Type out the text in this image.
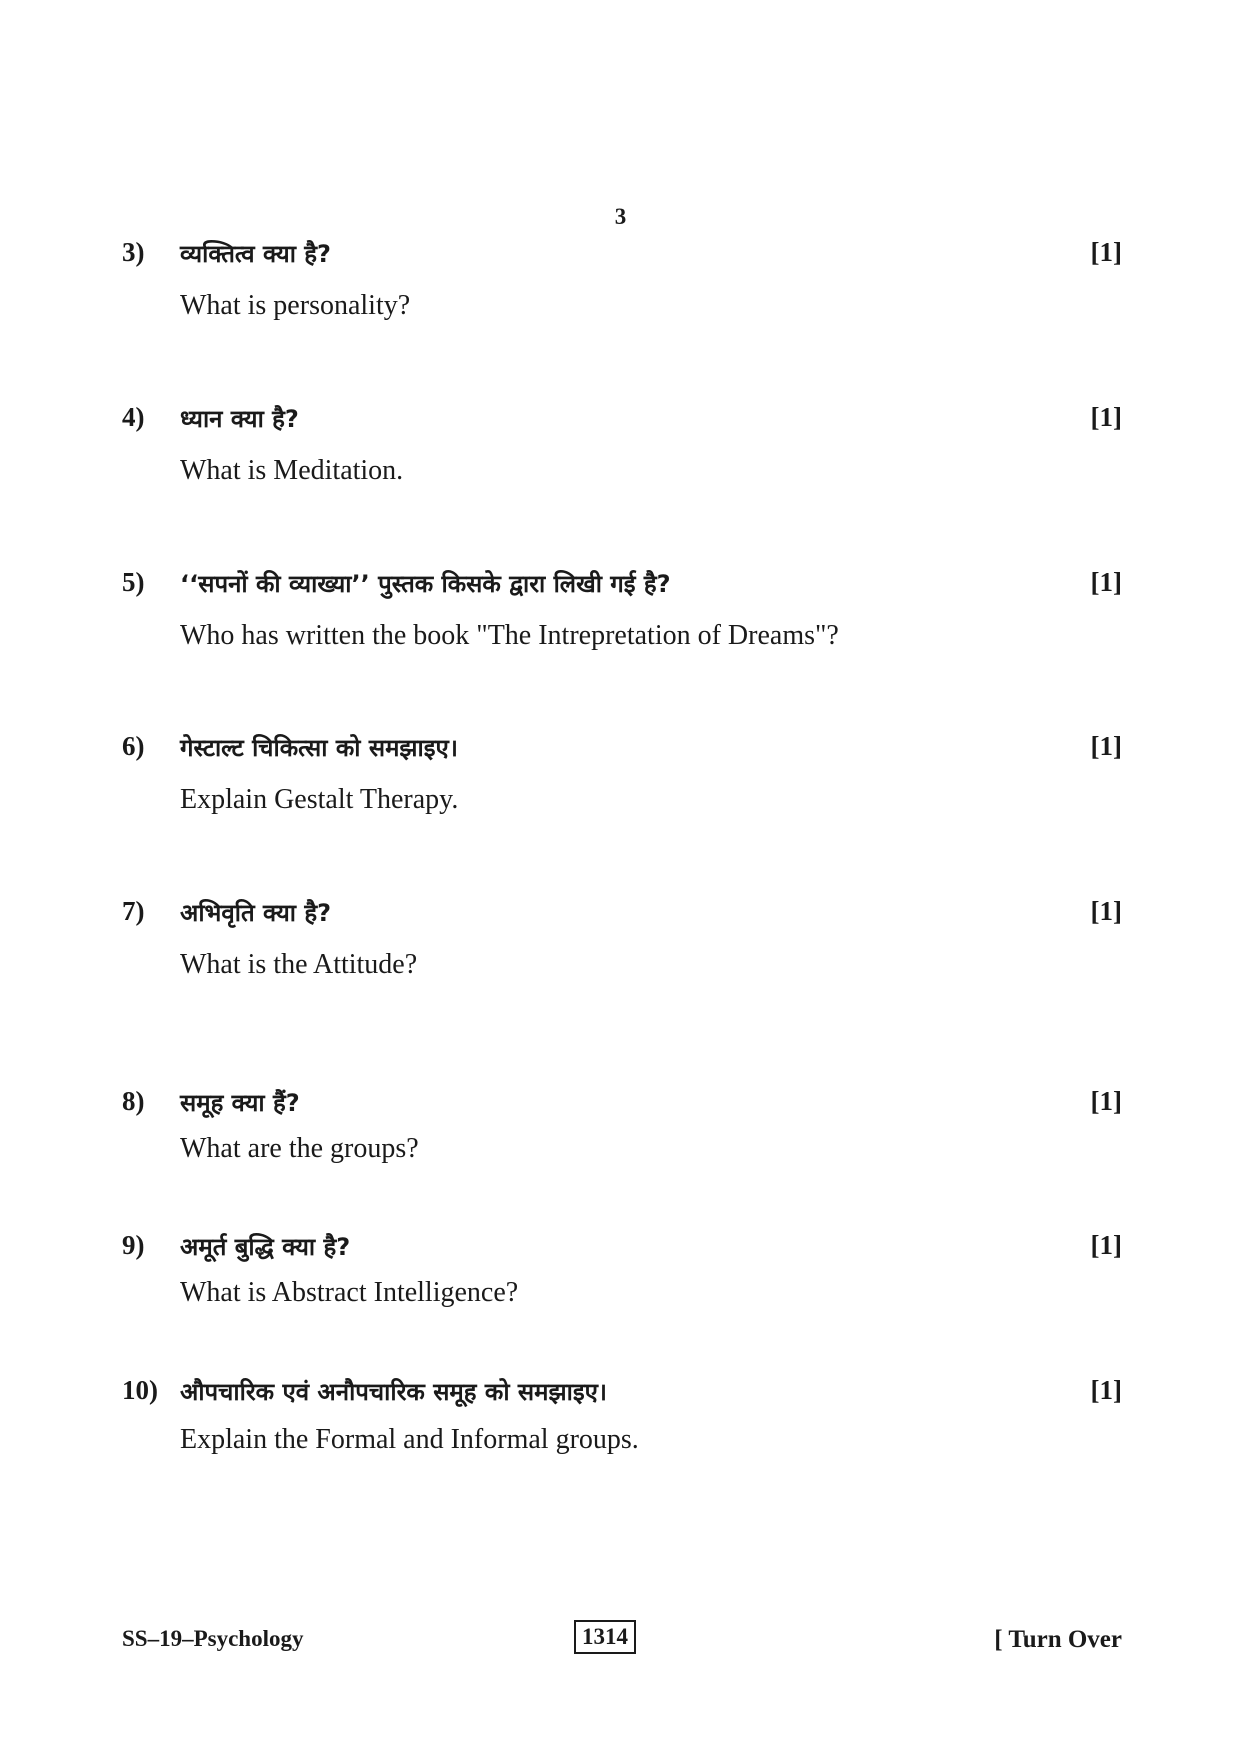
3
3) व्यक्तित्व क्या है?	[1]
What is personality?
4) ध्यान क्या है?	[1]
What is Meditation.
5) ‘‘सपनों की व्याख्या’’ पुस्तक किसके द्वारा लिखी गई है?	[1]
Who has written the book "The Intrepretation of Dreams"?
6) गेस्टाल्ट चिकित्सा को समझाइए।	[1]
Explain Gestalt Therapy.
7) अभिवृति क्या है?	[1]
What is the Attitude?
8) समूह क्या हैं?	[1]
What are the groups?
9) अमूर्त बुद्धि क्या है?	[1]
What is Abstract Intelligence?
10) औपचारिक एवं अनौपचारिक समूह को समझाइए।	[1]
Explain the Formal and Informal groups.
SS–19–Psychology	1314	[ Turn Over
